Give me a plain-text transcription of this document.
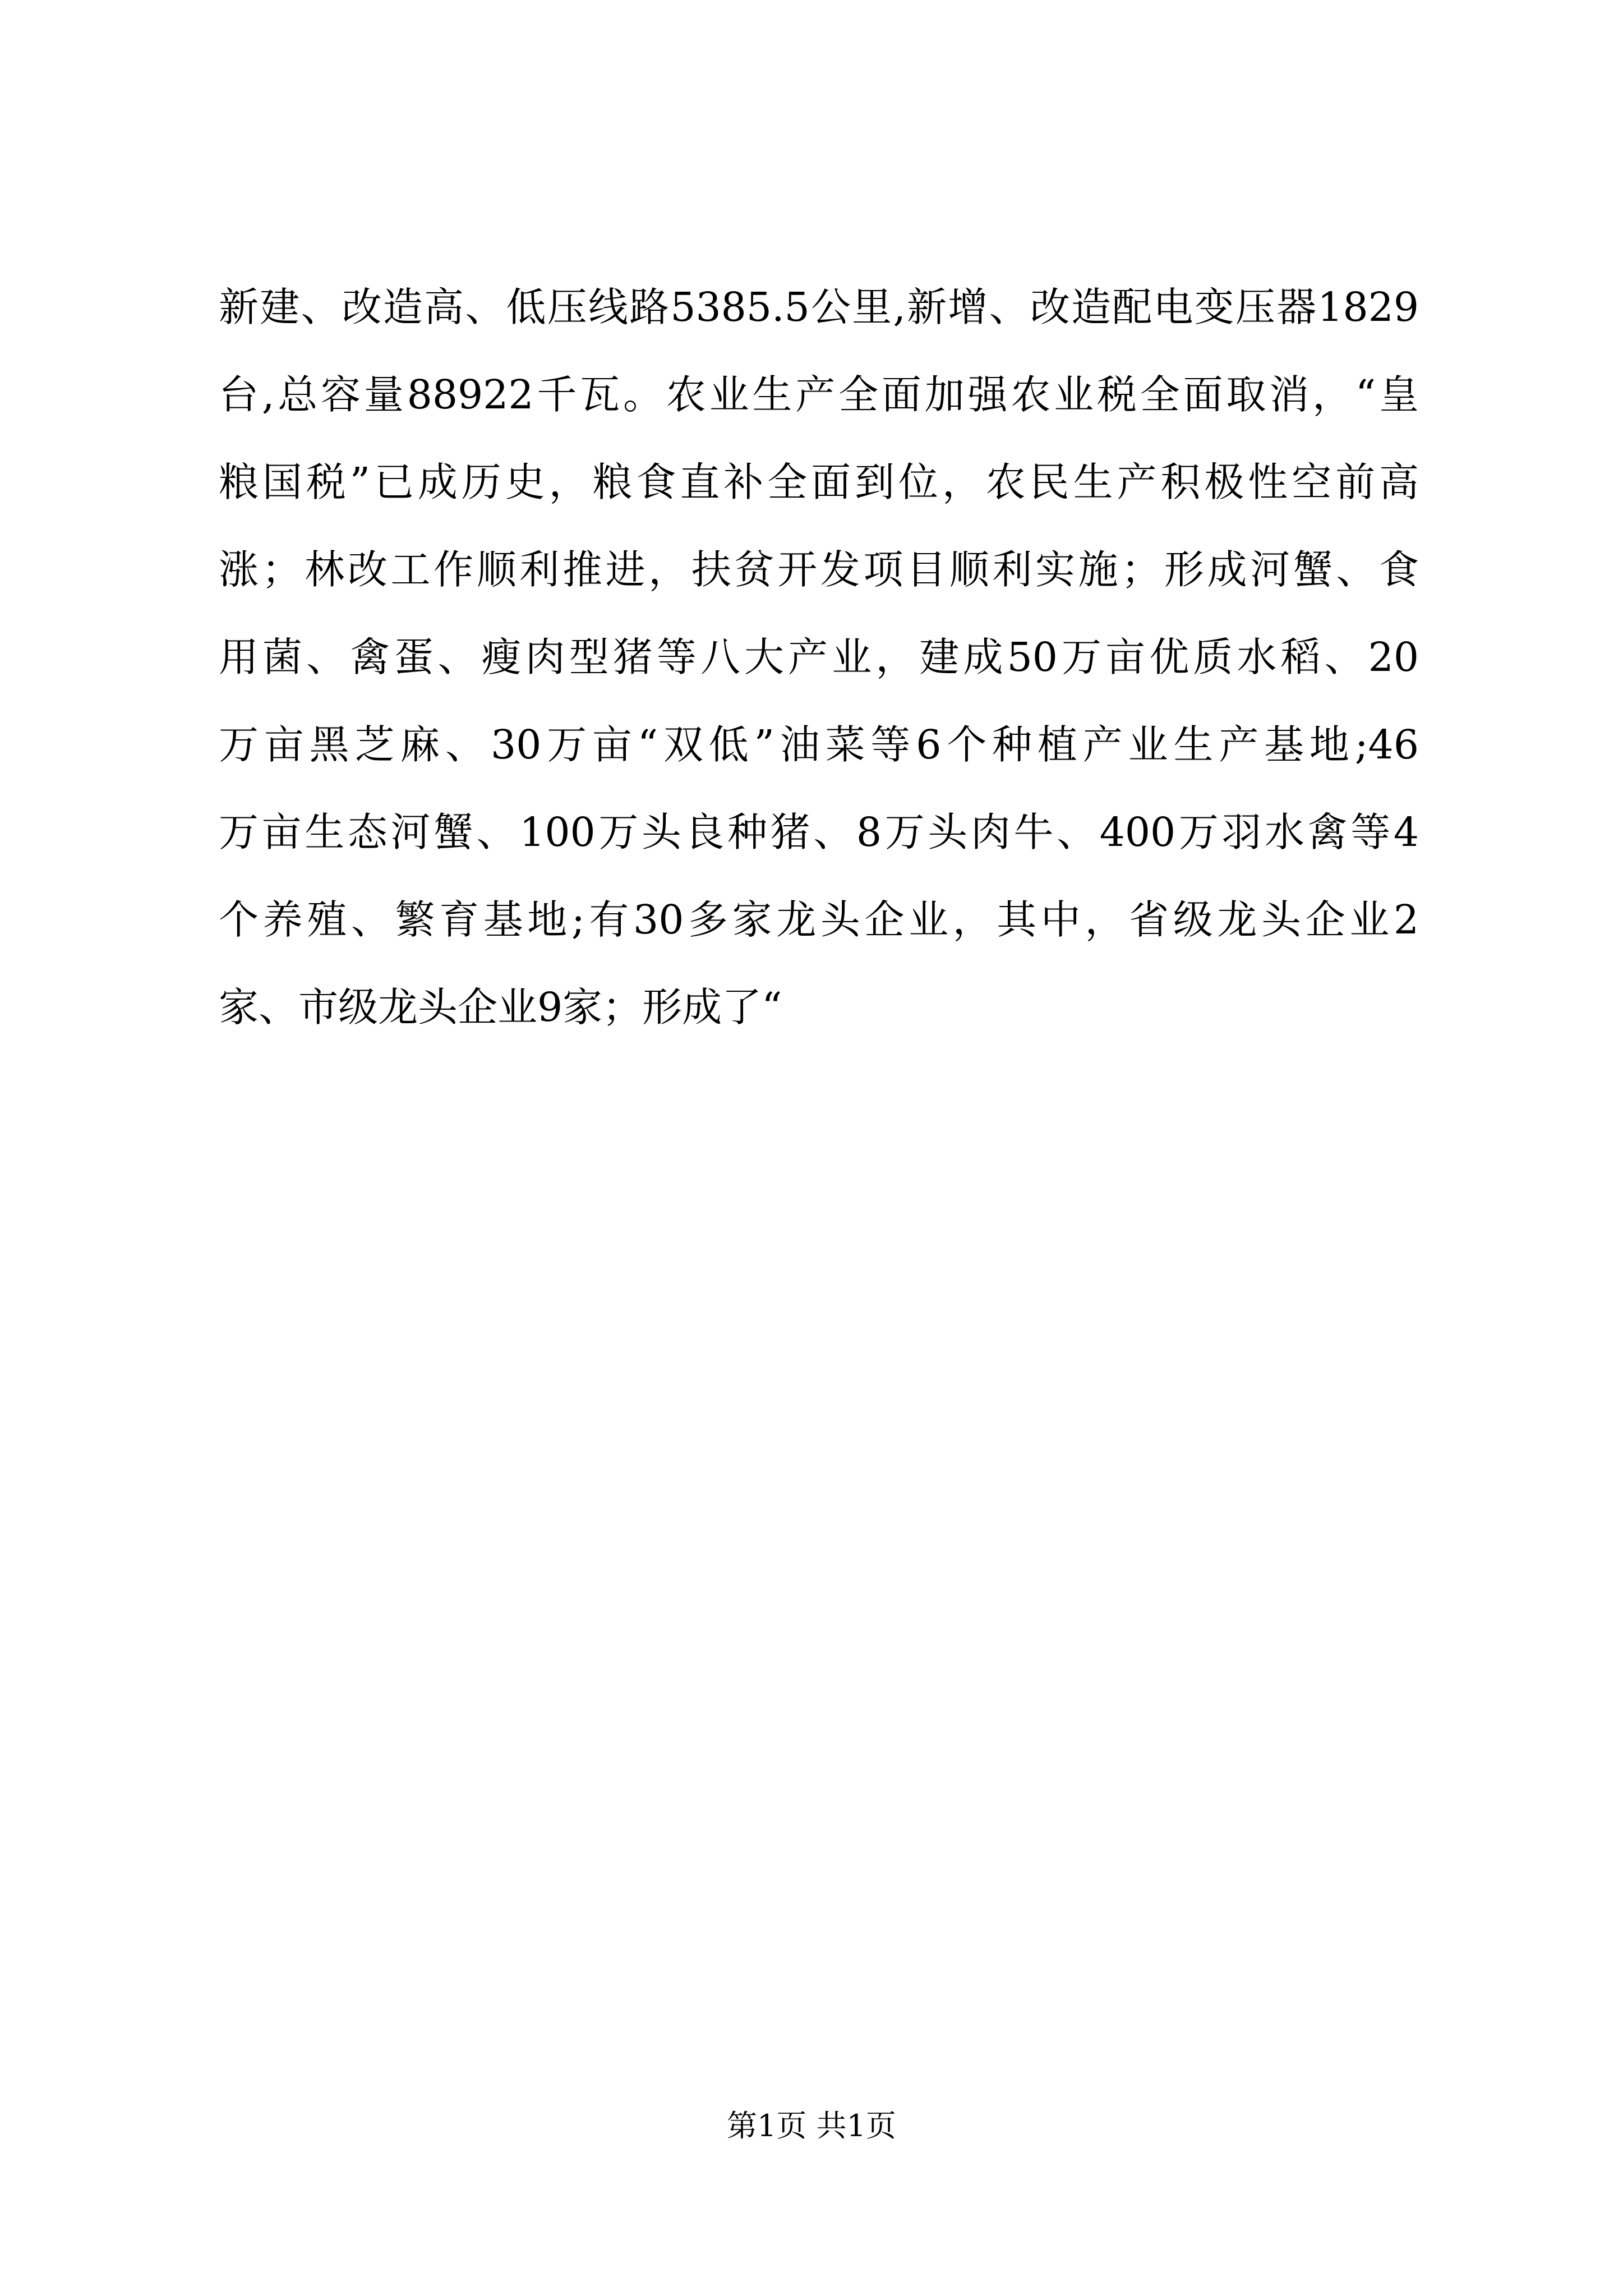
新建、改造高、低压线路5385.5公里,新增、改造配电变压器1829
台,总容量88922千瓦。农业生产全面加强农业税全面取消，“皇
粮国税”已成历史，粮食直补全面到位，农民生产积极性空前高
涨；林改工作顺利推进，扶贫开发项目顺利实施；形成河蟹、食
用菌、禽蛋、瘦肉型猪等八大产业，建成50万亩优质水稻、20
万亩黑芝麻、30万亩“双低”油菜等6个种植产业生产基地;46
万亩生态河蟹、100万头良种猪、8万头肉牛、400万羽水禽等4
个养殖、繁育基地;有30多家龙头企业，其中，省级龙头企业2
家、市级龙头企业9家；形成了“
第1页 共1页
